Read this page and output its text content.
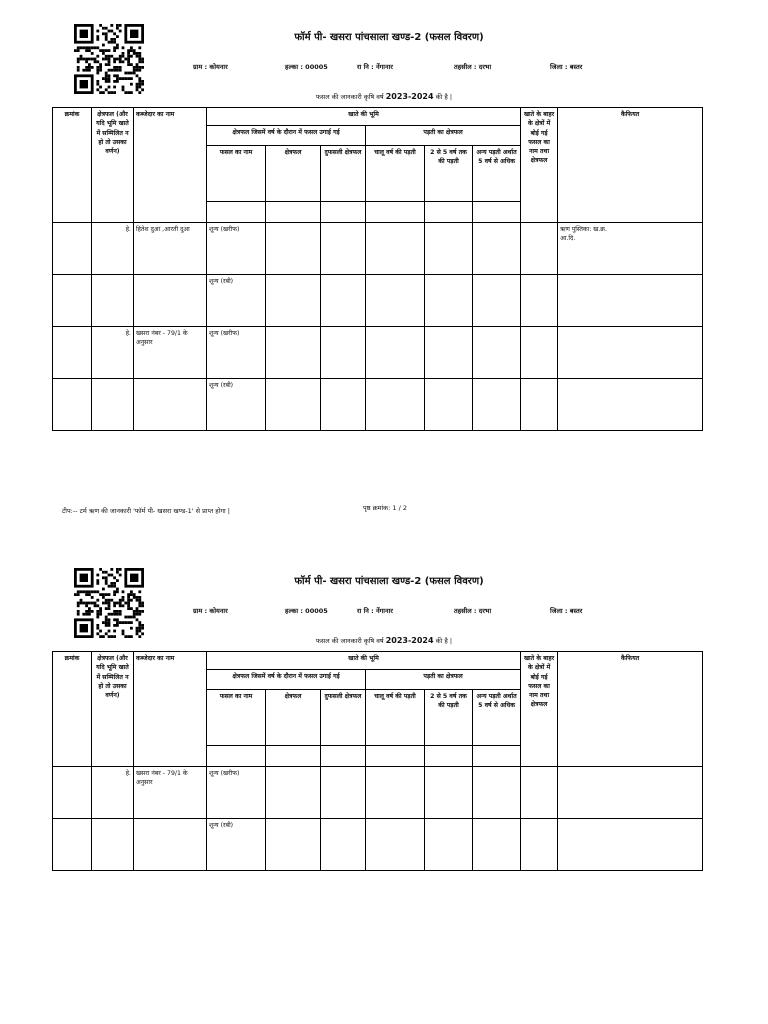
फॉर्म पी- खसरा पांचसाला खण्ड-2 (फसल विवरण)
ग्राम : कोयनार	हल्का : 00005	रा नि : नेंगानार	तहसील : दरभा	जिला : बस्तर
फसल की जानकारी कृषि वर्ष 2023-2024 की है |
क्रमांक	क्षेत्रफल (और यदि भूमि खाते में सम्मिलित न हो तो उसका वर्णन)	कब्जेदार का नाम	खाते की भूमि						खाते के बाहर के क्षेत्रों में बोई गई फसल का नाम तथा क्षेत्रफल	कैफियत
			क्षेत्रफल जिसमें वर्ष के दौरान में फसल उगाई गई			पड़ती का क्षेत्रफल				
			फसल का नाम	क्षेत्रफल	दुफसली क्षेत्रफल	चालू वर्ष की पड़ती	2 से 5 वर्ष तक की पड़ती	अन्य पड़ती अर्थात 5 वर्ष से अधिक		

	हे.	हितेश दुआ ,आरती दुआ	शून्य (खरीफ)							ऋण पुस्तिका: ख.क्र.
आ.दि.
			शून्य (रबी)							
	हे.	खसरा नंबर - 79/1 के अनुसार	शून्य (खरीफ)							
			शून्य (रबी)							
टीप:-- टर्म ऋण की जानकारी 'फॉर्म पी- खसरा खण्ड-1' से प्राप्त होगा |	पृष्ठ क्रमांक: 1 / 2
फॉर्म पी- खसरा पांचसाला खण्ड-2 (फसल विवरण)
ग्राम : कोयनार	हल्का : 00005	रा नि : नेंगानार	तहसील : दरभा	जिला : बस्तर
फसल की जानकारी कृषि वर्ष 2023-2024 की है |
क्रमांक	क्षेत्रफल (और यदि भूमि खाते में सम्मिलित न हो तो उसका वर्णन)	कब्जेदार का नाम	खाते की भूमि						खाते के बाहर के क्षेत्रों में बोई गई फसल का नाम तथा क्षेत्रफल	कैफियत
			क्षेत्रफल जिसमें वर्ष के दौरान में फसल उगाई गई			पड़ती का क्षेत्रफल				
			फसल का नाम	क्षेत्रफल	दुफसली क्षेत्रफल	चालू वर्ष की पड़ती	2 से 5 वर्ष तक की पड़ती	अन्य पड़ती अर्थात 5 वर्ष से अधिक		

	हे.	खसरा नंबर - 79/1 के अनुसार	शून्य (खरीफ)							
			शून्य (रबी)							
